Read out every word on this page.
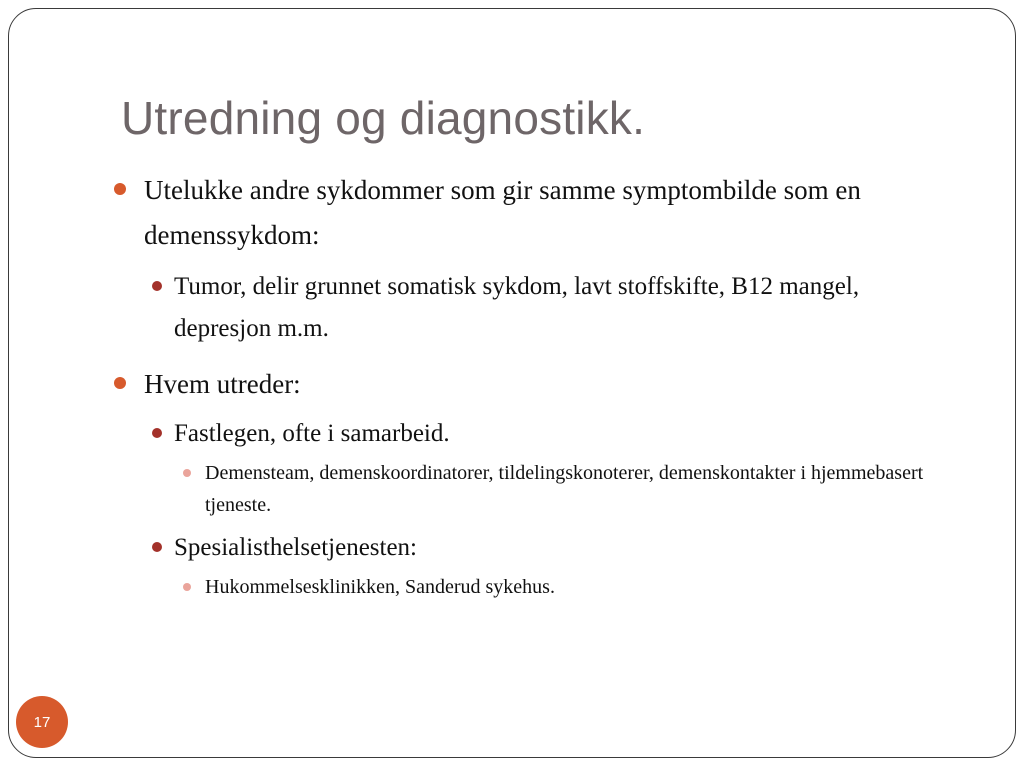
Utredning og diagnostikk.
Utelukke andre sykdommer som gir samme symptombilde som en demenssykdom:
Tumor, delir grunnet somatisk sykdom, lavt stoffskifte, B12 mangel, depresjon m.m.
Hvem utreder:
Fastlegen, ofte i samarbeid.
Demensteam, demenskoordinatorer, tildelingskonoterer, demenskontakter i hjemmebasert tjeneste.
Spesialisthelsetjenesten:
Hukommelsesklinikken, Sanderud sykehus.
17
